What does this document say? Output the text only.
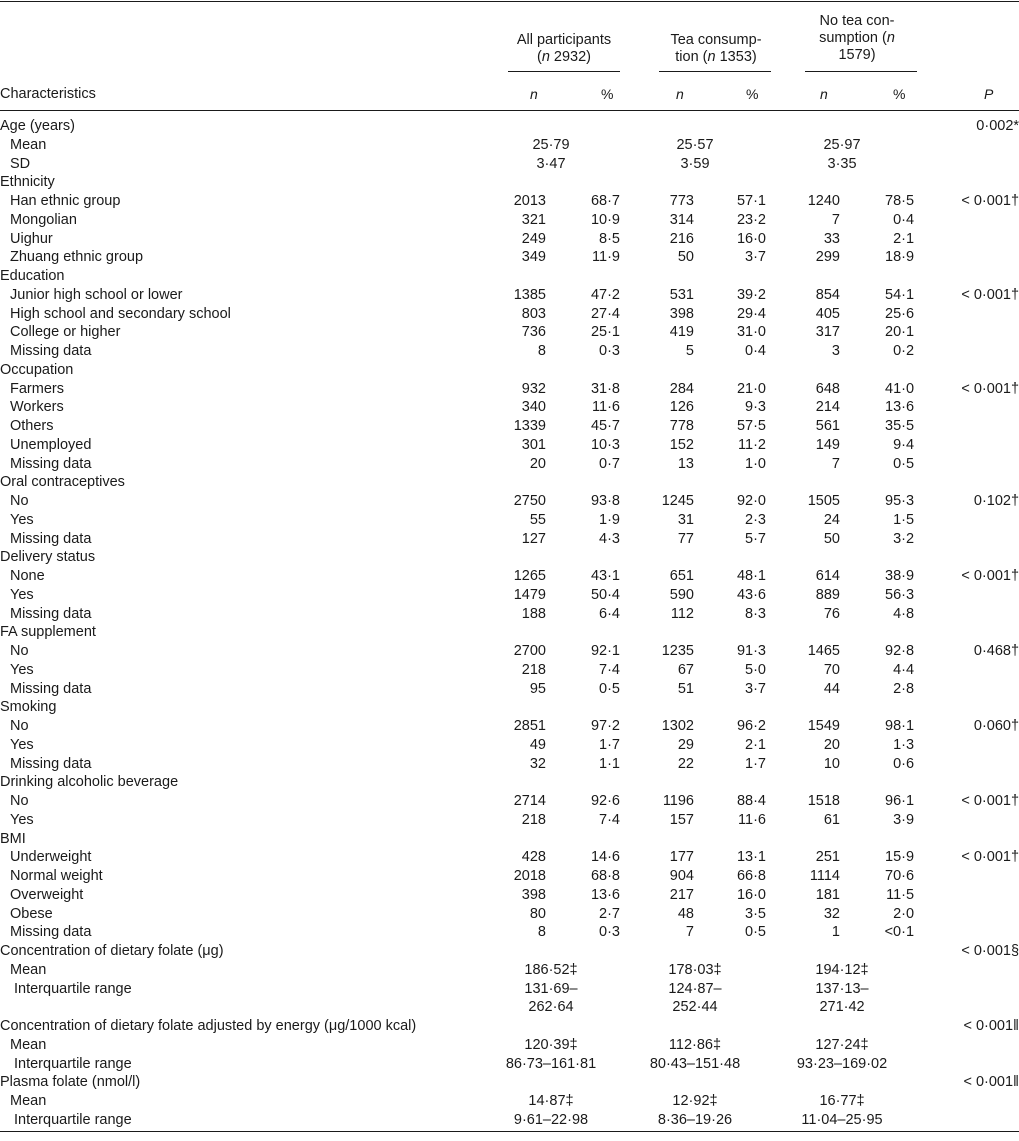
All participants
(n 2932)
Tea consump-
tion (n 1353)
No tea con-
sumption (n
1579)
Characteristics	n	%	n	%	n	%	P
Age (years)							0·002*
Mean	25·79		25·57		25·97		
SD	3·47		3·59		3·35		
Ethnicity							
Han ethnic group	2013	68·7	773	57·1	1240	78·5	< 0·001†
Mongolian	321	10·9	314	23·2	7	0·4	
Uighur	249	8·5	216	16·0	33	2·1	
Zhuang ethnic group	349	11·9	50	3·7	299	18·9	
Education							
Junior high school or lower	1385	47·2	531	39·2	854	54·1	< 0·001†
High school and secondary school	803	27·4	398	29·4	405	25·6	
College or higher	736	25·1	419	31·0	317	20·1	
Missing data	8	0·3	5	0·4	3	0·2	
Occupation							
Farmers	932	31·8	284	21·0	648	41·0	< 0·001†
Workers	340	11·6	126	9·3	214	13·6	
Others	1339	45·7	778	57·5	561	35·5	
Unemployed	301	10·3	152	11·2	149	9·4	
Missing data	20	0·7	13	1·0	7	0·5	
Oral contraceptives							
No	2750	93·8	1245	92·0	1505	95·3	0·102†
Yes	55	1·9	31	2·3	24	1·5	
Missing data	127	4·3	77	5·7	50	3·2	
Delivery status							
None	1265	43·1	651	48·1	614	38·9	< 0·001†
Yes	1479	50·4	590	43·6	889	56·3	
Missing data	188	6·4	112	8·3	76	4·8	
FA supplement							
No	2700	92·1	1235	91·3	1465	92·8	0·468†
Yes	218	7·4	67	5·0	70	4·4	
Missing data	95	0·5	51	3·7	44	2·8	
Smoking							
No	2851	97·2	1302	96·2	1549	98·1	0·060†
Yes	49	1·7	29	2·1	20	1·3	
Missing data	32	1·1	22	1·7	10	0·6	
Drinking alcoholic beverage							
No	2714	92·6	1196	88·4	1518	96·1	< 0·001†
Yes	218	7·4	157	11·6	61	3·9	
BMI							
Underweight	428	14·6	177	13·1	251	15·9	< 0·001†
Normal weight	2018	68·8	904	66·8	1114	70·6	
Overweight	398	13·6	217	16·0	181	11·5	
Obese	80	2·7	48	3·5	32	2·0	
Missing data	8	0·3	7	0·5	1	<0·1	
Concentration of dietary folate (μg)							< 0·001§
Mean	186·52‡		178·03‡		194·12‡		
Interquartile range	131·69–		124·87–		137·13–		
	262·64		252·44		271·42		
Concentration of dietary folate adjusted by energy (μg/1000 kcal)							< 0·001ǁ
Mean	120·39‡		112·86‡		127·24‡		
Interquartile range	86·73–161·81		80·43–151·48		93·23–169·02		
Plasma folate (nmol/l)							< 0·001ǁ
Mean	14·87‡		12·92‡		16·77‡		
Interquartile range	9·61–22·98		8·36–19·26		11·04–25·95		
